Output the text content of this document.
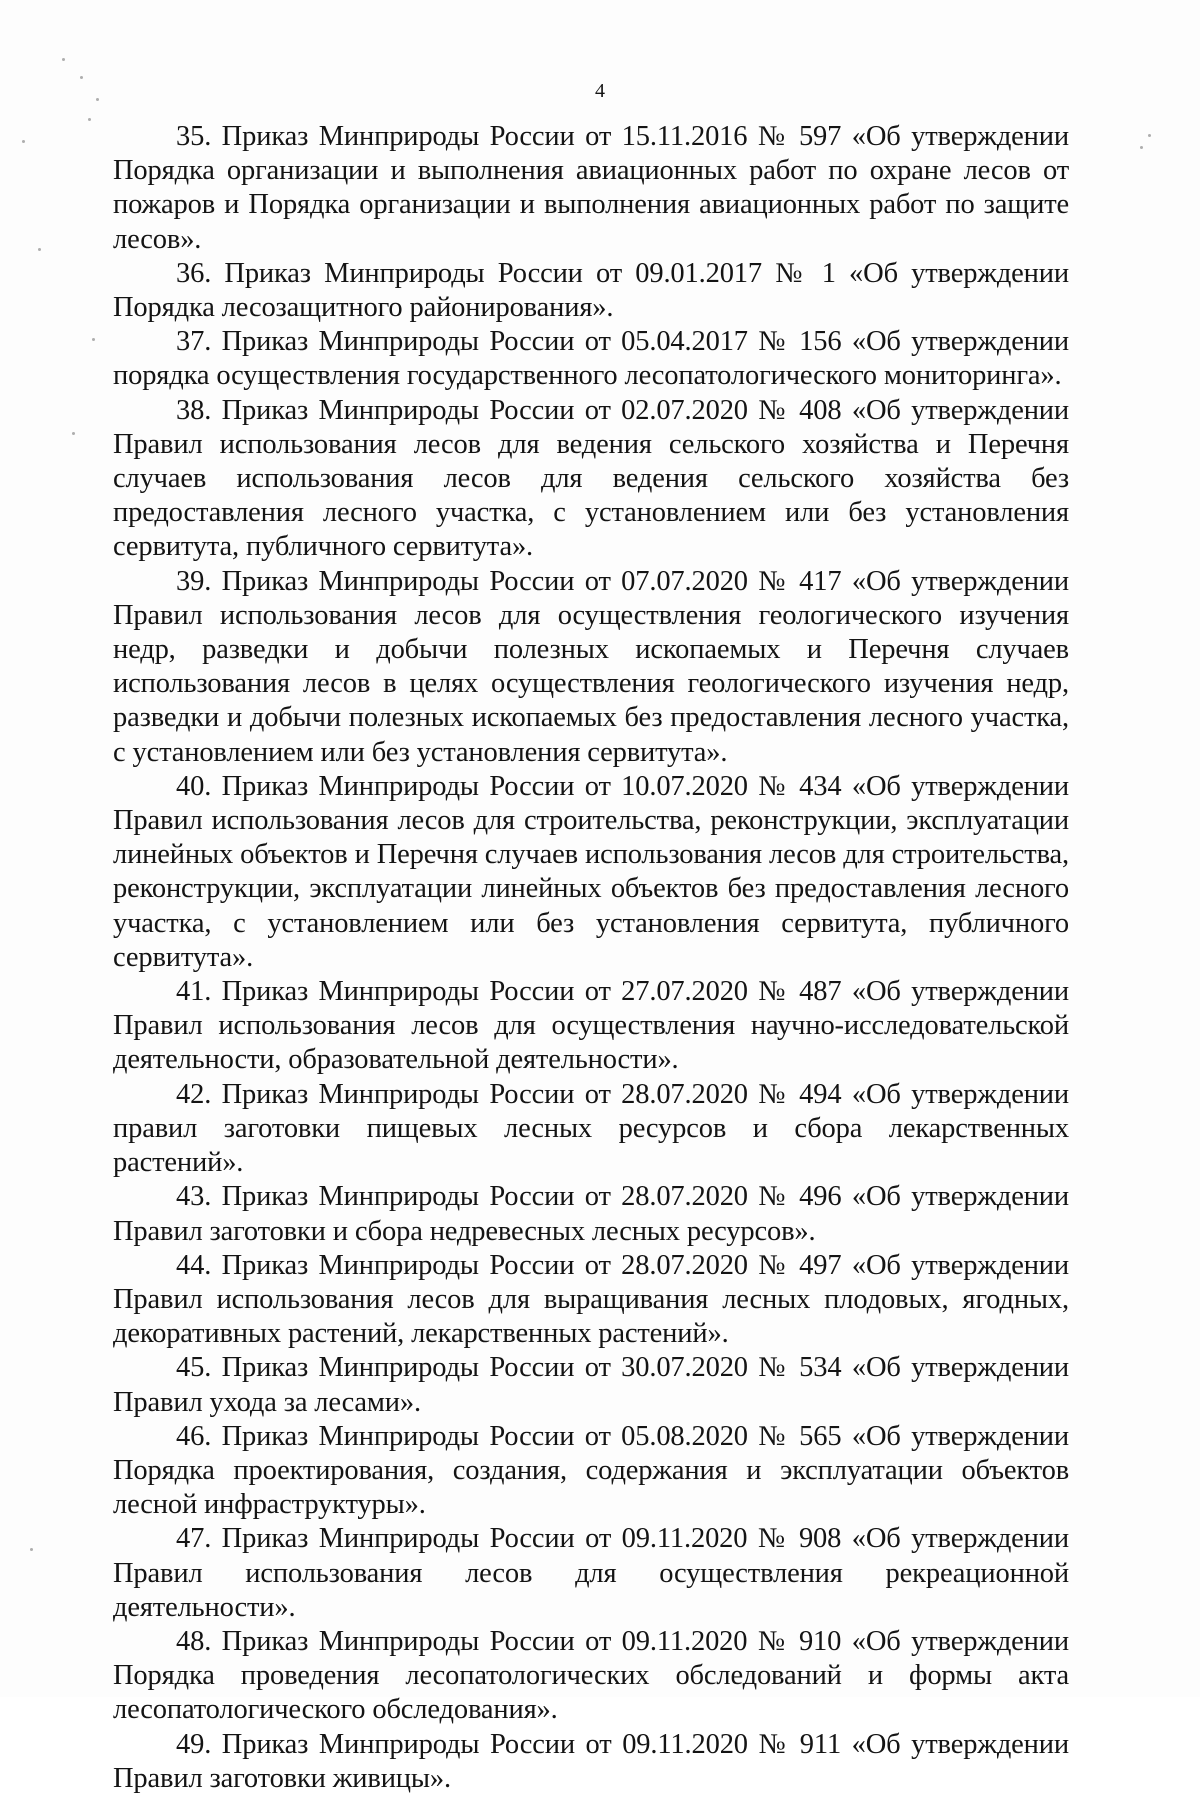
4

35. Приказ Минприроды России от 15.11.2016 № 597 «Об утверждении Порядка организации и выполнения авиационных работ по охране лесов от пожаров и Порядка организации и выполнения авиационных работ по защите лесов».

36. Приказ Минприроды России от 09.01.2017 № 1 «Об утверждении Порядка лесозащитного районирования».

37. Приказ Минприроды России от 05.04.2017 № 156 «Об утверждении порядка осуществления государственного лесопатологического мониторинга».

38. Приказ Минприроды России от 02.07.2020 № 408 «Об утверждении Правил использования лесов для ведения сельского хозяйства и Перечня случаев использования лесов для ведения сельского хозяйства без предоставления лесного участка, с установлением или без установления сервитута, публичного сервитута».

39. Приказ Минприроды России от 07.07.2020 № 417 «Об утверждении Правил использования лесов для осуществления геологического изучения недр, разведки и добычи полезных ископаемых и Перечня случаев использования лесов в целях осуществления геологического изучения недр, разведки и добычи полезных ископаемых без предоставления лесного участка, с установлением или без установления сервитута».

40. Приказ Минприроды России от 10.07.2020 № 434 «Об утверждении Правил использования лесов для строительства, реконструкции, эксплуатации линейных объектов и Перечня случаев использования лесов для строительства, реконструкции, эксплуатации линейных объектов без предоставления лесного участка, с установлением или без установления сервитута, публичного сервитута».

41. Приказ Минприроды России от 27.07.2020 № 487 «Об утверждении Правил использования лесов для осуществления научно-исследовательской деятельности, образовательной деятельности».

42. Приказ Минприроды России от 28.07.2020 № 494 «Об утверждении правил заготовки пищевых лесных ресурсов и сбора лекарственных растений».

43. Приказ Минприроды России от 28.07.2020 № 496 «Об утверждении Правил заготовки и сбора недревесных лесных ресурсов».

44. Приказ Минприроды России от 28.07.2020 № 497 «Об утверждении Правил использования лесов для выращивания лесных плодовых, ягодных, декоративных растений, лекарственных растений».

45. Приказ Минприроды России от 30.07.2020 № 534 «Об утверждении Правил ухода за лесами».

46. Приказ Минприроды России от 05.08.2020 № 565 «Об утверждении Порядка проектирования, создания, содержания и эксплуатации объектов лесной инфраструктуры».

47. Приказ Минприроды России от 09.11.2020 № 908 «Об утверждении Правил использования лесов для осуществления рекреационной деятельности».

48. Приказ Минприроды России от 09.11.2020 № 910 «Об утверждении Порядка проведения лесопатологических обследований и формы акта лесопатологического обследования».

49. Приказ Минприроды России от 09.11.2020 № 911 «Об утверждении Правил заготовки живицы».
